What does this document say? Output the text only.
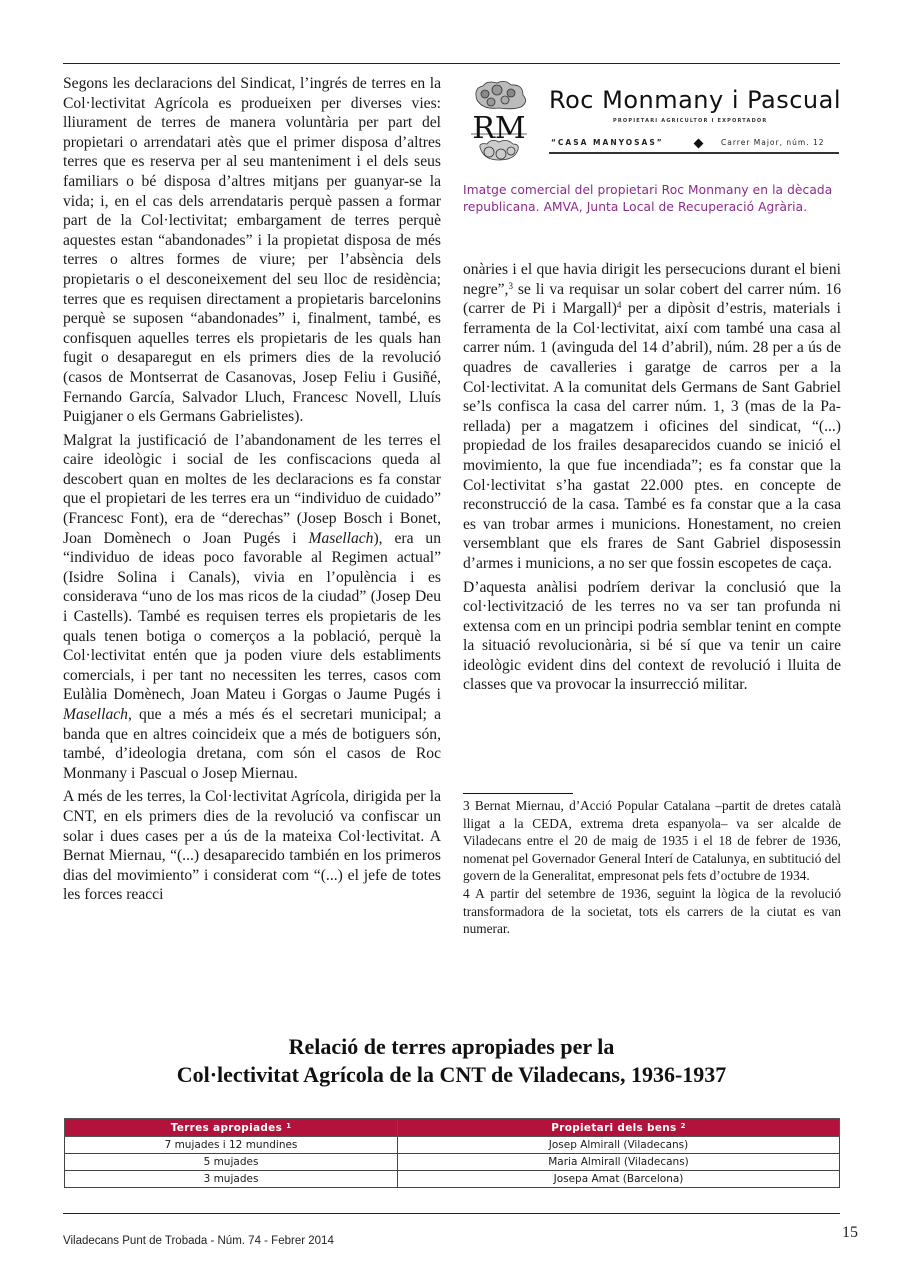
Segons les declaracions del Sindicat, l’ingrés de terres en la Col·lectivitat Agrícola es produeixen per diverses vies: lliurament de terres de manera voluntària per part del propietari o arrendatari atès que el primer disposa d’altres terres que es reserva per al seu manteniment i el dels seus familiars o bé disposa d’altres mitjans per guanyar-se la vida; i, en el cas dels arrendataris perquè passen a formar part de la Col·lectivitat; embargament de terres perquè aquestes estan “abandonades” i la propietat disposa de més terres o altres formes de viure; per l’absència dels propietaris o el desconeixement del seu lloc de residència; terres que es requisen directament a propietaris barcelonins perquè se suposen “abandonades” i, finalment, també, es confisquen aquelles terres els propietaris de les quals han fugit o desaparegut en els primers dies de la revolució (casos de Montserrat de Casanovas, Josep Feliu i Gusiñé, Fernando García, Salvador Lluch, Francesc Novell, Lluís Puigjaner o els Germans Gabrielistes).

Malgrat la justificació de l’abandonament de les terres el caire ideològic i social de les confiscacions queda al descobert quan en moltes de les declaracions es fa constar que el propietari de les terres era un “individuo de cuidado” (Francesc Font), era de “derechas” (Josep Bosch i Bonet, Joan Domènech o Joan Pugés i Masellach), era un “individuo de ideas poco favorable al Regimen actual” (Isidre Solina i Canals), vivia en l’opulència i es considerava “uno de los mas ricos de la ciudad” (Josep Deu i Castells). També es requisen terres els propietaris de les quals tenen botiga o comerços a la població, perquè la Col·lectivitat entén que ja poden viure dels establiments comercials, i per tant no necessiten les terres, casos com Eulàlia Domènech, Joan Mateu i Gorgas o Jaume Pugés i Masellach, que a més a més és el secretari municipal; a banda que en altres coincideix que a més de botiguers són, també, d’ideologia dretana, com són el casos de Roc Monmany i Pascual o Josep Miernau.

A més de les terres, la Col·lectivitat Agrícola, dirigida per la CNT, en els primers dies de la revolució va confiscar un solar i dues cases per a ús de la mateixa Col·lectivitat. A Bernat Miernau, “(...) desaparecido también en los primeros dias del movimiento” i considerat com “(...) el jefe de totes les forces reacci

RM
Roc Monmany i Pascual
PROPIETARI AGRICULTOR I EXPORTADOR
“CASA MANYOSAS”	Carrer Major, núm. 12
Imatge comercial del propietari Roc Monmany en la dècada republicana. AMVA, Junta Local de Recuperació Agrària.

onàries i el que havia dirigit les persecucions durant el bieni negre”,$^3$ se li va requisar un solar cobert del carrer núm. 16 (carrer de Pi i Margall)$^4$ per a dipòsit d’estris, materials i ferramenta de la Col·lectivitat, així com també una casa al carrer núm. 1 (avinguda del 14 d’abril), núm. 28 per a ús de quadres de cavalleries i garatge de carros per a la Col·lectivitat. A la comunitat dels Germans de Sant Gabriel se’ls confisca la casa del carrer núm. 1, 3 (mas de la Parellada) per a magatzem i oficines del sindicat, “(...) propiedad de los frailes desaparecidos cuando se inició el movimiento, la que fue incendiada”; es fa constar que la Col·lectivitat s’ha gastat 22.000 ptes. en concepte de reconstrucció de la casa. També es fa constar que a la casa es van trobar armes i municions. Honestament, no creien versemblant que els frares de Sant Gabriel disposessin d’armes i municions, a no ser que fossin escopetes de caça.

D’aquesta anàlisi podríem derivar la conclusió que la col·lectivització de les terres no va ser tan profunda ni extensa com en un principi podria semblar tenint en compte la situació revolucionària, si bé sí que va tenir un caire ideològic evident dins del context de revolució i lluita de classes que va provocar la insurrecció militar.

3 Bernat Miernau, d’Acció Popular Catalana –partit de dretes català lligat a la CEDA, extrema dreta espanyola– va ser alcalde de Viladecans entre el 20 de maig de 1935 i el 18 de febrer de 1936, nomenat pel Governador General Interí de Catalunya, en subtitució del govern de la Generalitat, empresonat pels fets d’octubre de 1934.

4 A partir del setembre de 1936, seguint la lògica de la revolució transformadora de la societat, tots els carrers de la ciutat es van numerar.

Relació de terres apropiades per la
Col·lectivitat Agrícola de la CNT de Viladecans, 1936-1937
Terres apropiades $^1$	Propietari dels bens $^2$
7 mujades i 12 mundines	Josep Almirall (Viladecans)
5 mujades	Maria Almirall (Viladecans)
3 mujades	Josepa Amat (Barcelona)
Viladecans Punt de Trobada - Núm. 74 - Febrer 2014	15
